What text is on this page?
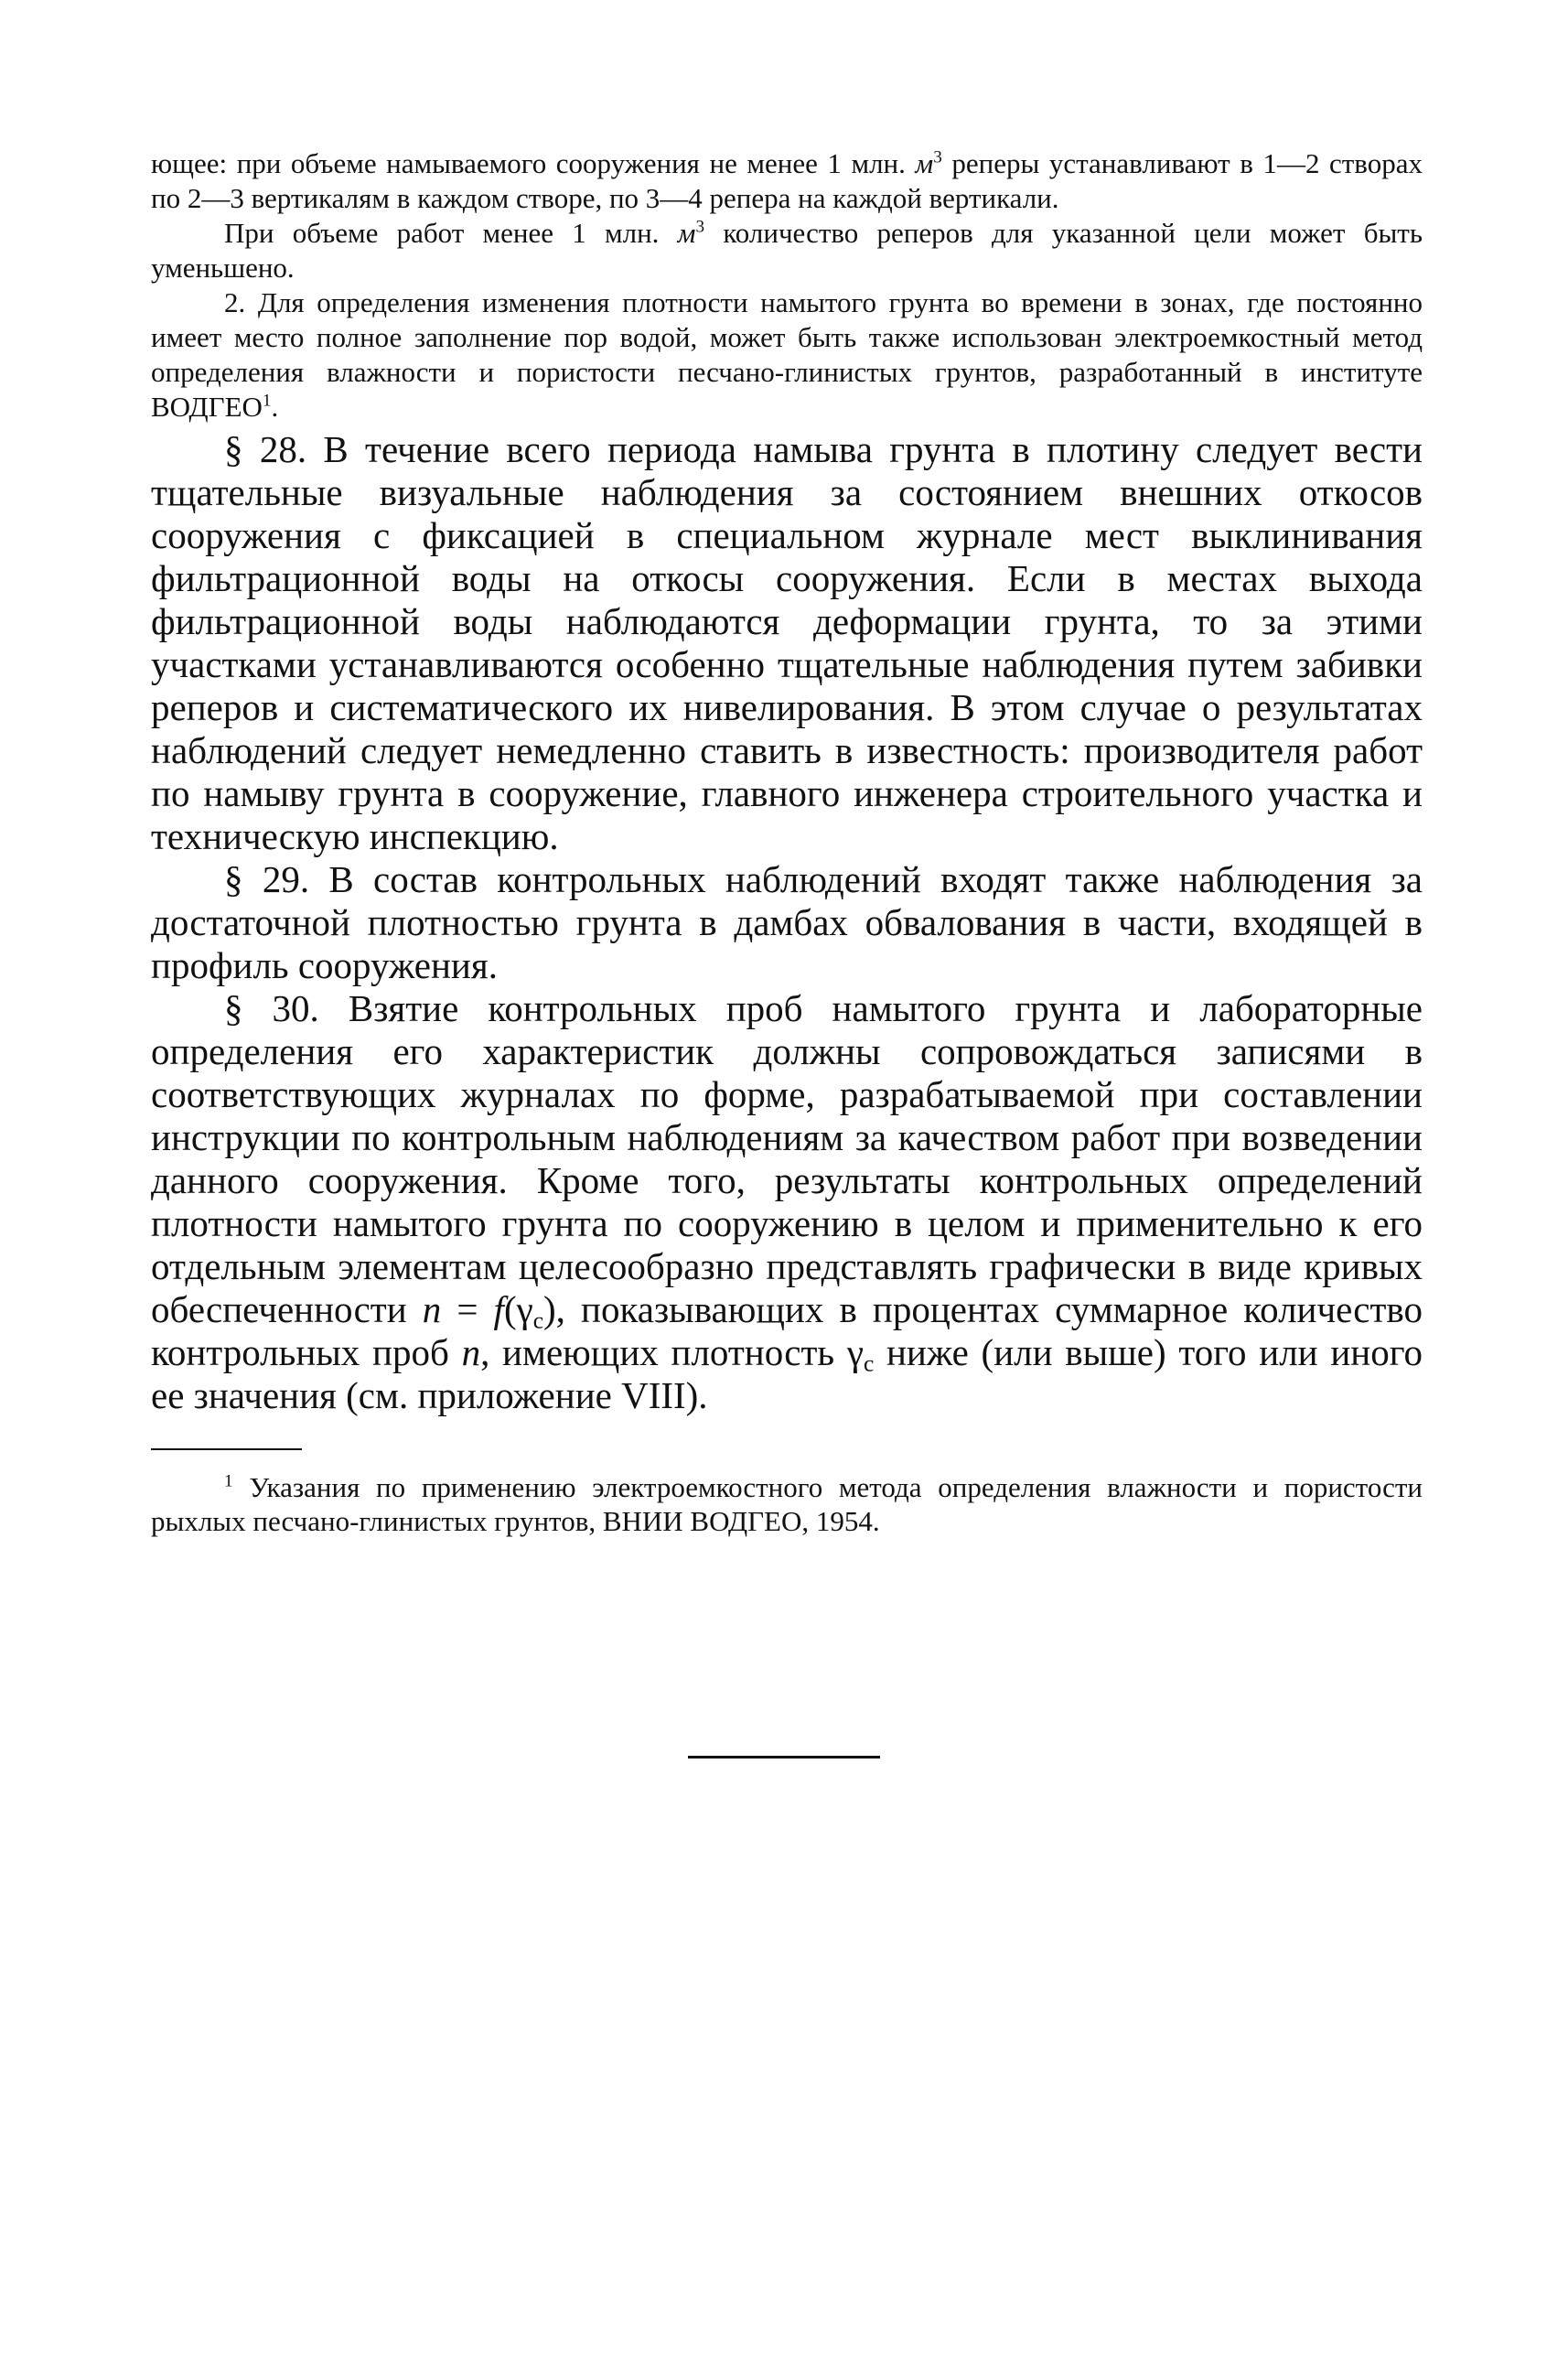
ющее: при объеме намываемого сооружения не менее 1 млн. $м^3$ реперы устанавливают в 1—2 створах по 2—3 вертикалям в каждом створе, по 3—4 репера на каждой вертикали.

При объеме работ менее 1 млн. $м^3$ количество реперов для указанной цели может быть уменьшено.

2. Для определения изменения плотности намытого грунта во времени в зонах, где постоянно имеет место полное заполнение пор водой, может быть также использован электроемкостный метод определения влажности и пористости песчано-глинистых грунтов, разработанный в институте ВОДГЕО$^1$.

§ 28. В течение всего периода намыва грунта в плотину следует вести тщательные визуальные наблюдения за состоянием внешних откосов сооружения с фиксацией в специальном журнале мест выклинивания фильтрационной воды на откосы сооружения. Если в местах выхода фильтрационной воды наблюдаются деформации грунта, то за этими участками устанавливаются особенно тщательные наблюдения путем забивки реперов и систематического их нивелирования. В этом случае о результатах наблюдений следует немедленно ставить в известность: производителя работ по намыву грунта в сооружение, главного инженера строительного участка и техническую инспекцию.

§ 29. В состав контрольных наблюдений входят также наблюдения за достаточной плотностью грунта в дамбах обвалования в части, входящей в профиль сооружения.

§ 30. Взятие контрольных проб намытого грунта и лабораторные определения его характеристик должны сопровождаться записями в соответствующих журналах по форме, разрабатываемой при составлении инструкции по контрольным наблюдениям за качеством работ при возведении данного сооружения. Кроме того, результаты контрольных определений плотности намытого грунта по сооружению в целом и применительно к его отдельным элементам целесообразно представлять графически в виде кривых обеспеченности $n = f(\gamma_c)$, показывающих в процентах суммарное количество контрольных проб n, имеющих плотность $\gamma_c$ ниже (или выше) того или иного ее значения (см. приложение VIII).

$^1$ Указания по применению электроемкостного метода определения влажности и пористости рыхлых песчано-глинистых грунтов, ВНИИ ВОДГЕО, 1954.
